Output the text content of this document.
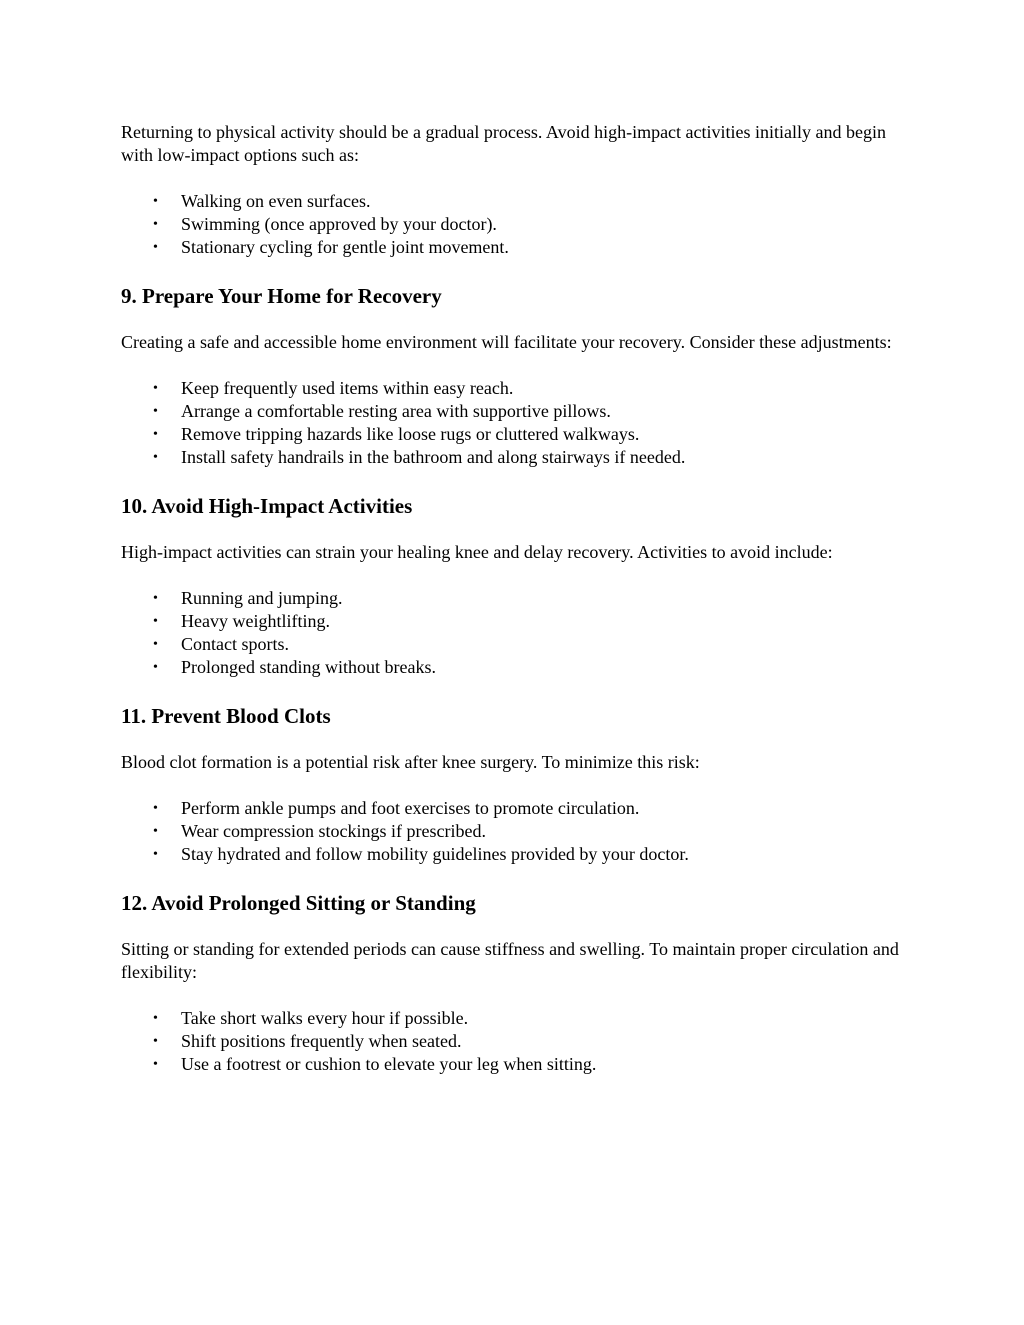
Returning to physical activity should be a gradual process. Avoid high-impact activities initially and begin with low-impact options such as:

• Walking on even surfaces.
• Swimming (once approved by your doctor).
• Stationary cycling for gentle joint movement.
9. Prepare Your Home for Recovery

Creating a safe and accessible home environment will facilitate your recovery. Consider these adjustments:

• Keep frequently used items within easy reach.
• Arrange a comfortable resting area with supportive pillows.
• Remove tripping hazards like loose rugs or cluttered walkways.
• Install safety handrails in the bathroom and along stairways if needed.
10. Avoid High-Impact Activities

High-impact activities can strain your healing knee and delay recovery. Activities to avoid include:

• Running and jumping.
• Heavy weightlifting.
• Contact sports.
• Prolonged standing without breaks.
11. Prevent Blood Clots

Blood clot formation is a potential risk after knee surgery. To minimize this risk:

• Perform ankle pumps and foot exercises to promote circulation.
• Wear compression stockings if prescribed.
• Stay hydrated and follow mobility guidelines provided by your doctor.
12. Avoid Prolonged Sitting or Standing

Sitting or standing for extended periods can cause stiffness and swelling. To maintain proper circulation and flexibility:

• Take short walks every hour if possible.
• Shift positions frequently when seated.
• Use a footrest or cushion to elevate your leg when sitting.
